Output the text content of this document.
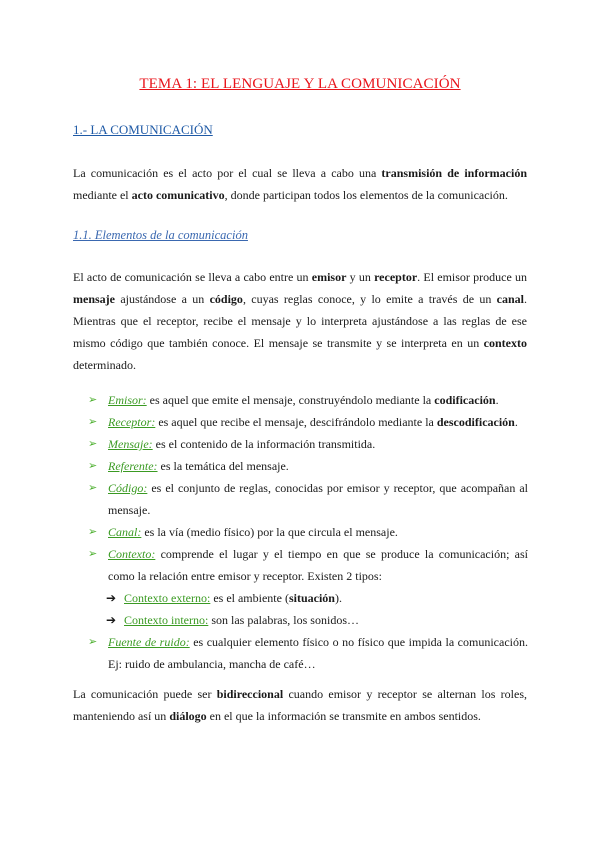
TEMA 1: EL LENGUAJE Y LA COMUNICACIÓN
1.- LA COMUNICACIÓN
La comunicación es el acto por el cual se lleva a cabo una transmisión de información mediante el acto comunicativo, donde participan todos los elementos de la comunicación.
1.1. Elementos de la comunicación
El acto de comunicación se lleva a cabo entre un emisor y un receptor. El emisor produce un mensaje ajustándose a un código, cuyas reglas conoce, y lo emite a través de un canal. Mientras que el receptor, recibe el mensaje y lo interpreta ajustándose a las reglas de ese mismo código que también conoce. El mensaje se transmite y se interpreta en un contexto determinado.
➢ Emisor: es aquel que emite el mensaje, construyéndolo mediante la codificación.
➢ Receptor: es aquel que recibe el mensaje, descifrándolo mediante la descodificación.
➢ Mensaje: es el contenido de la información transmitida.
➢ Referente: es la temática del mensaje.
➢ Código: es el conjunto de reglas, conocidas por emisor y receptor, que acompañan al mensaje.
➢ Canal: es la vía (medio físico) por la que circula el mensaje.
➢ Contexto: comprende el lugar y el tiempo en que se produce la comunicación; así como la relación entre emisor y receptor. Existen 2 tipos:
➔ Contexto externo: es el ambiente (situación).
➔ Contexto interno: son las palabras, los sonidos…
➢ Fuente de ruido: es cualquier elemento físico o no físico que impida la comunicación. Ej: ruido de ambulancia, mancha de café…
La comunicación puede ser bidireccional cuando emisor y receptor se alternan los roles, manteniendo así un diálogo en el que la información se transmite en ambos sentidos.
